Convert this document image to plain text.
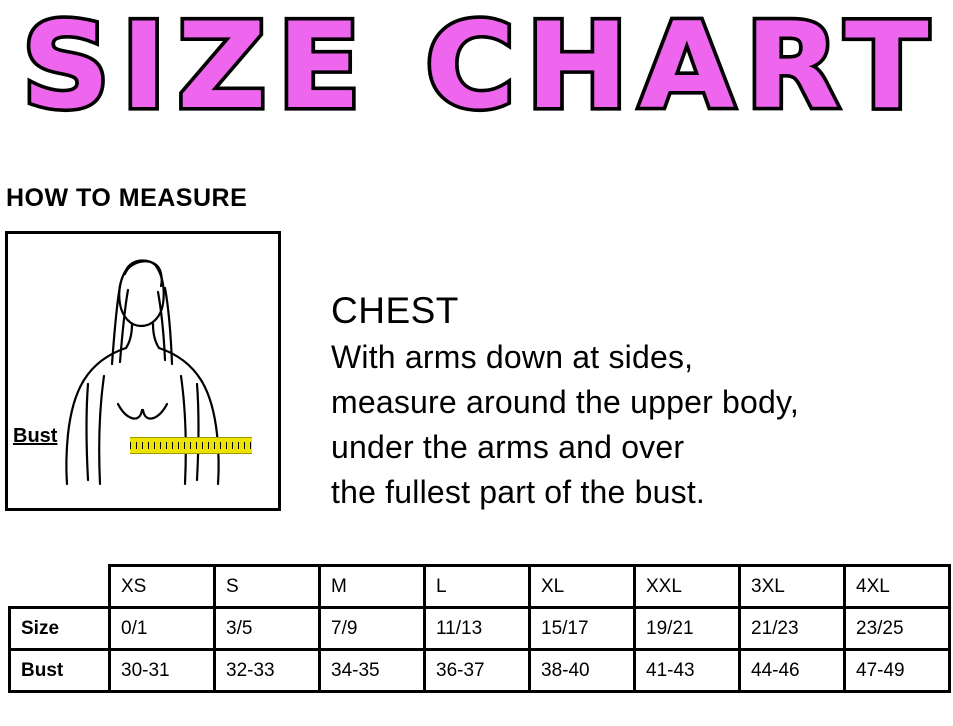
SIZE CHART
HOW TO MEASURE
Bust
CHEST
With arms down at sides,
measure around the upper body,
under the arms and over
the fullest part of the bust.
	XS	S	M	L	XL	XXL	3XL	4XL
Size	0/1	3/5	7/9	11/13	15/17	19/21	21/23	23/25
Bust	30-31	32-33	34-35	36-37	38-40	41-43	44-46	47-49
